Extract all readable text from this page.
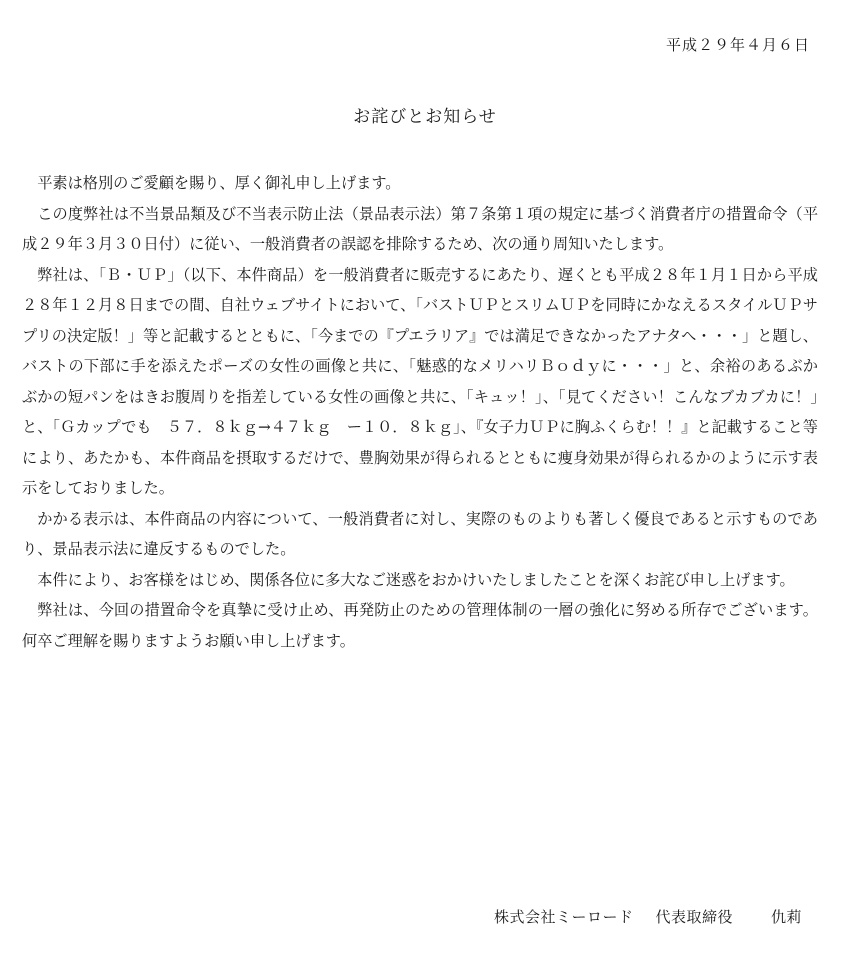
平成２９年４月６日
お詫びとお知らせ

平素は格別のご愛顧を賜り、厚く御礼申し上げます。

この度弊社は不当景品類及び不当表示防止法（景品表示法）第７条第１項の規定に基づく消費者庁の措置命令（平成２９年３月３０日付）に従い、一般消費者の誤認を排除するため、次の通り周知いたします。

弊社は、「Ｂ・ＵＰ」（以下、本件商品）を一般消費者に販売するにあたり、遅くとも平成２８年１月１日から平成２８年１２月８日までの間、自社ウェブサイトにおいて、「バストＵＰとスリムＵＰを同時にかなえるスタイルＵＰサプリの決定版！」等と記載するとともに、「今までの『プエラリア』では満足できなかったアナタへ・・・」と題し、バストの下部に手を添えたポーズの女性の画像と共に、「魅惑的なメリハリＢｏｄｙに・・・」と、余裕のあるぶかぶかの短パンをはきお腹周りを指差している女性の画像と共に、「キュッ！」、「見てください！こんなブカブカに！」と、「Ｇカップでも　５７．８ｋｇ→４７ｋｇ　ー１０．８ｋｇ」、『女子力ＵＰに胸ふくらむ！！』と記載すること等により、あたかも、本件商品を摂取するだけで、豊胸効果が得られるとともに痩身効果が得られるかのように示す表示をしておりました。

かかる表示は、本件商品の内容について、一般消費者に対し、実際のものよりも著しく優良であると示すものであり、景品表示法に違反するものでした。

本件により、お客様をはじめ、関係各位に多大なご迷惑をおかけいたしましたことを深くお詫び申し上げます。

弊社は、今回の措置命令を真摯に受け止め、再発防止のための管理体制の一層の強化に努める所存でございます。何卒ご理解を賜りますようお願い申し上げます。

株式会社ミーロード 代表取締役	仇莉
